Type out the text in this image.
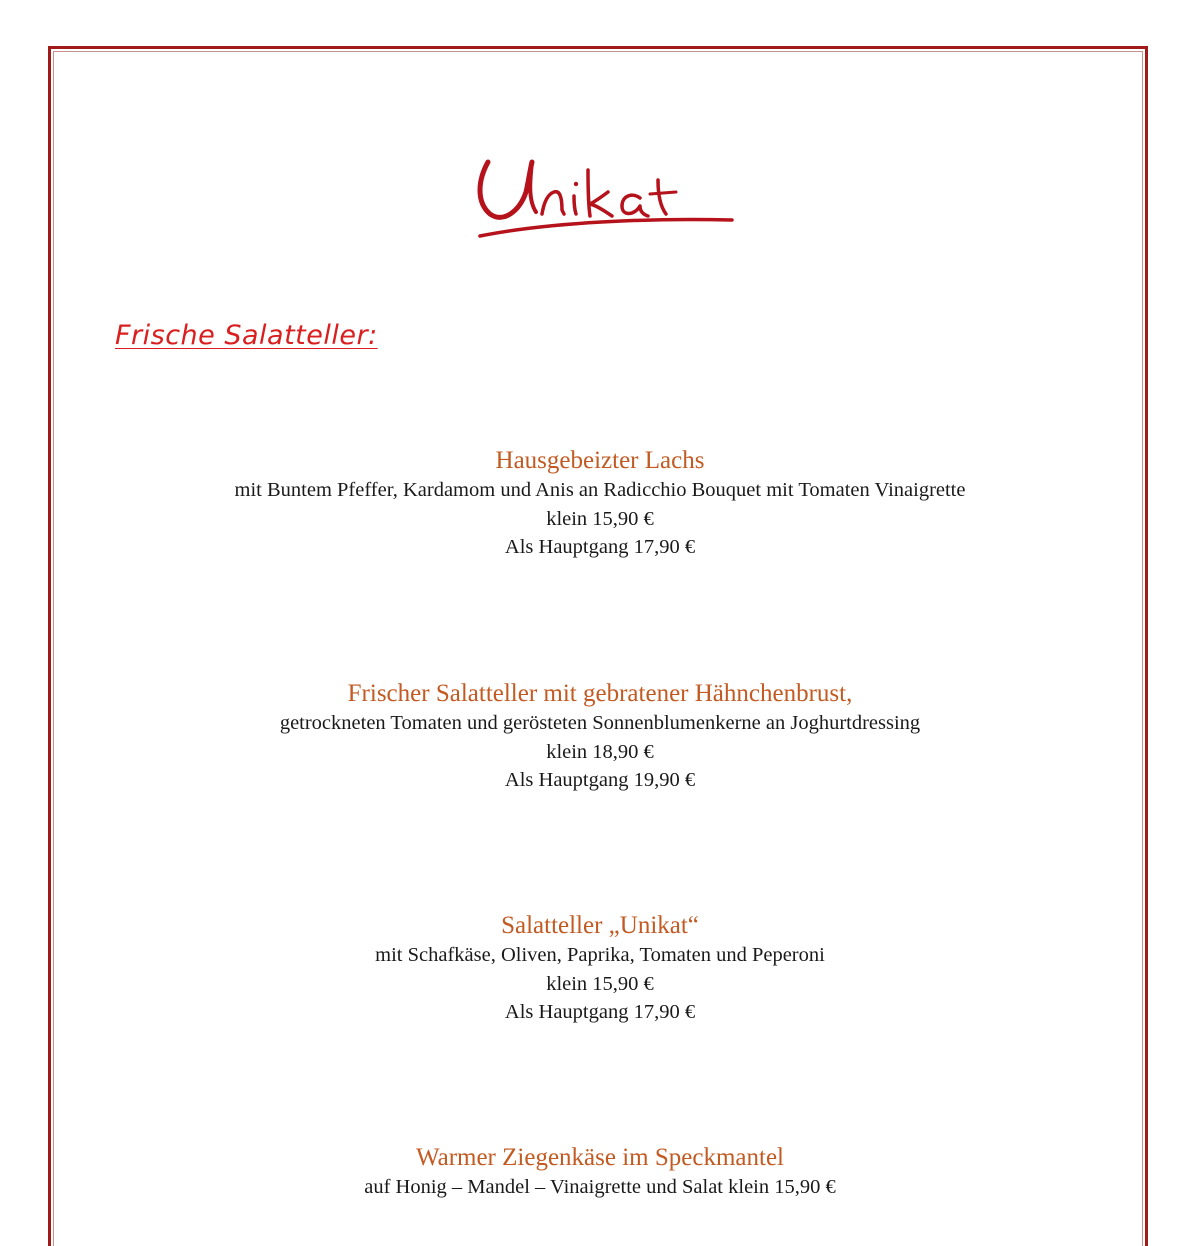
Unikat
Frische Salatteller:

Hausgebeizter Lachs

mit Buntem Pfeffer, Kardamom und Anis an Radicchio Bouquet mit Tomaten Vinaigrette

klein 15,90 €

Als Hauptgang 17,90 €

Frischer Salatteller mit gebratener Hähnchenbrust,

getrockneten Tomaten und gerösteten Sonnenblumenkerne an Joghurtdressing

klein 18,90 €

Als Hauptgang 19,90 €

Salatteller „Unikat“

mit Schafkäse, Oliven, Paprika, Tomaten und Peperoni

klein 15,90 €

Als Hauptgang 17,90 €

Warmer Ziegenkäse im Speckmantel

auf Honig – Mandel – Vinaigrette und Salat klein 15,90 €
